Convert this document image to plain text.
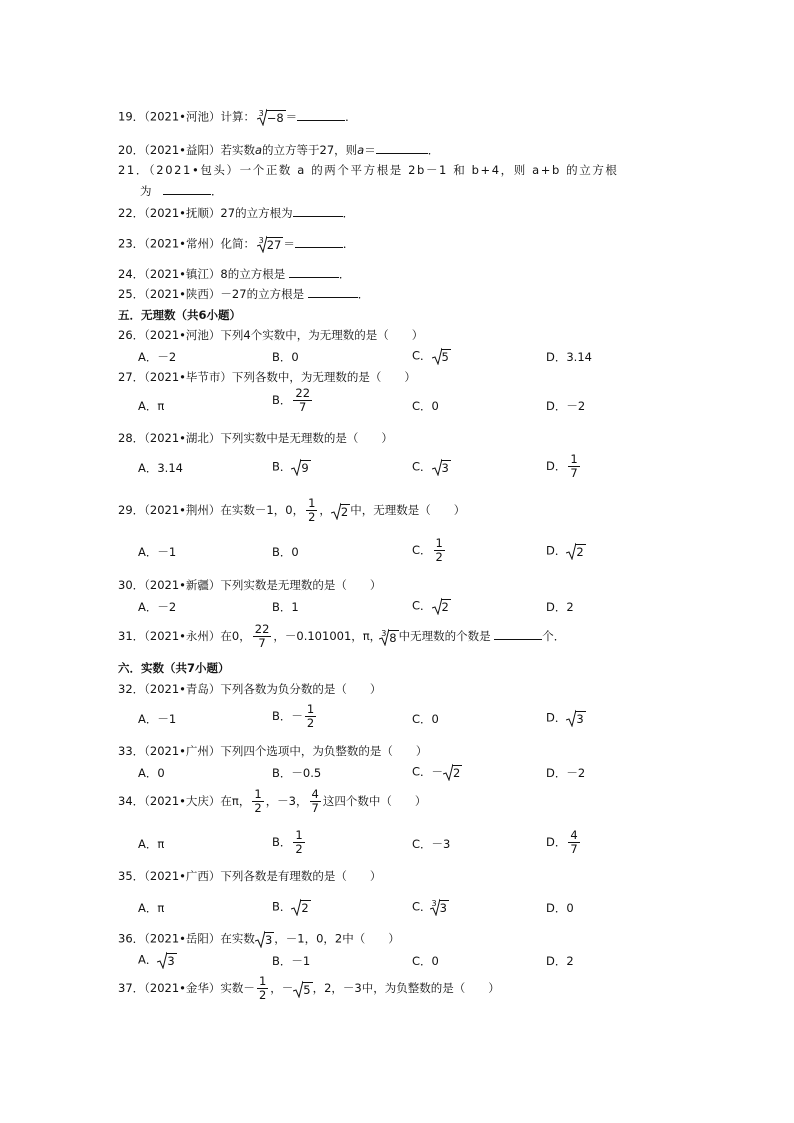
19．（2021•河池）计算： 3 −8 ＝	．
20．（2021•益阳）若实数a的立方等于27，则a＝	．
21．（2021•包头）一个正数 a 的两个平方根是 2b－1 和 b+4，则 a+b 的立方根
为　	．
22．（2021•抚顺）27的立方根为	．
23．（2021•常州）化简： 3 27 ＝	．
24．（2021•镇江）8的立方根是	．
25．（2021•陕西）－27的立方根是	．
五．无理数（共6小题）
26．（2021•河池）下列4个实数中，为无理数的是（　　）
A．－2	B．0	C． 5	D．3.14
27．（2021•毕节市）下列各数中，为无理数的是（　　）
A．π	B． $\frac{22}{7}$	C．0	D．－2
28．（2021•湖北）下列实数中是无理数的是（　　）
A．3.14	B． 9	C． 3	D． $\frac{1}{7}$
29．（2021•荆州）在实数－1，0， $\frac{1}{2}$ ， 2 中，无理数是（　　）
A．－1	B．0	C． $\frac{1}{2}$	D． 2
30．（2021•新疆）下列实数是无理数的是（　　）
A．－2	B．1	C． 2	D．2
31．（2021•永州）在0， $\frac{22}{7}$ ，－0.101001，π， 3 8 中无理数的个数是	个．
六．实数（共7小题）
32．（2021•青岛）下列各数为负分数的是（　　）
A．－1	B．－ $\frac{1}{2}$	C．0	D． 3
33．（2021•广州）下列四个选项中，为负整数的是（　　）
A．0	B．－0.5	C．－ 2	D．－2
34．（2021•大庆）在π， $\frac{1}{2}$ ，－3， $\frac{4}{7}$ 这四个数中（　　）
A．π	B． $\frac{1}{2}$	C．－3	D． $\frac{4}{7}$
35．（2021•广西）下列各数是有理数的是（　　）
A．π	B． 2	C． 3 3	D．0
36．（2021•岳阳）在实数 3 ，－1，0，2中（　　）
A． 3	B．－1	C．0	D．2
37．（2021•金华）实数－ $\frac{1}{2}$ ，－ 5 ，2，－3中，为负整数的是（　　）
